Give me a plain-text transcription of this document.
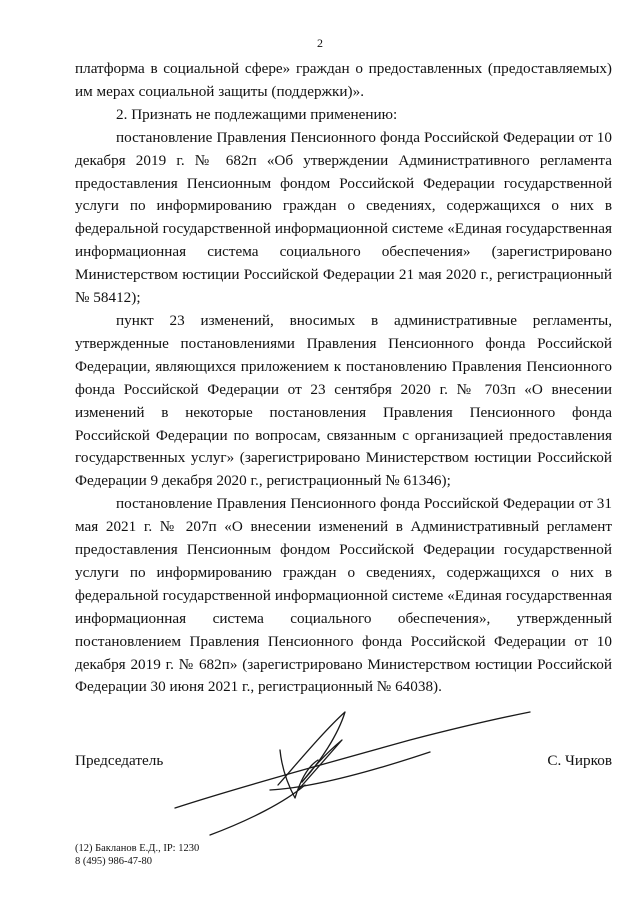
2

платформа в социальной сфере» граждан о предоставленных (предоставляемых) им мерах социальной защиты (поддержки)».

2. Признать не подлежащими применению:

постановление Правления Пенсионного фонда Российской Федерации от 10 декабря 2019 г. № 682п «Об утверждении Административного регламента предоставления Пенсионным фондом Российской Федерации государственной услуги по информированию граждан о сведениях, содержащихся о них в федеральной государственной информационной системе «Единая государственная информационная система социального обеспечения» (зарегистрировано Министерством юстиции Российской Федерации 21 мая 2020 г., регистрационный № 58412);

пункт 23 изменений, вносимых в административные регламенты, утвержденные постановлениями Правления Пенсионного фонда Российской Федерации, являющихся приложением к постановлению Правления Пенсионного фонда Российской Федерации от 23 сентября 2020 г. № 703п «О внесении изменений в некоторые постановления Правления Пенсионного фонда Российской Федерации по вопросам, связанным с организацией предоставления государственных услуг» (зарегистрировано Министерством юстиции Российской Федерации 9 декабря 2020 г., регистрационный № 61346);

постановление Правления Пенсионного фонда Российской Федерации от 31 мая 2021 г. № 207п «О внесении изменений в Административный регламент предоставления Пенсионным фондом Российской Федерации государственной услуги по информированию граждан о сведениях, содержащихся о них в федеральной государственной информационной системе «Единая государственная информационная система социального обеспечения», утвержденный постановлением Правления Пенсионного фонда Российской Федерации от 10 декабря 2019 г. № 682п» (зарегистрировано Министерством юстиции Российской Федерации 30 июня 2021 г., регистрационный № 64038).

Председатель	С. Чирков
(12) Бакланов Е.Д., IP: 1230
8 (495) 986-47-80
